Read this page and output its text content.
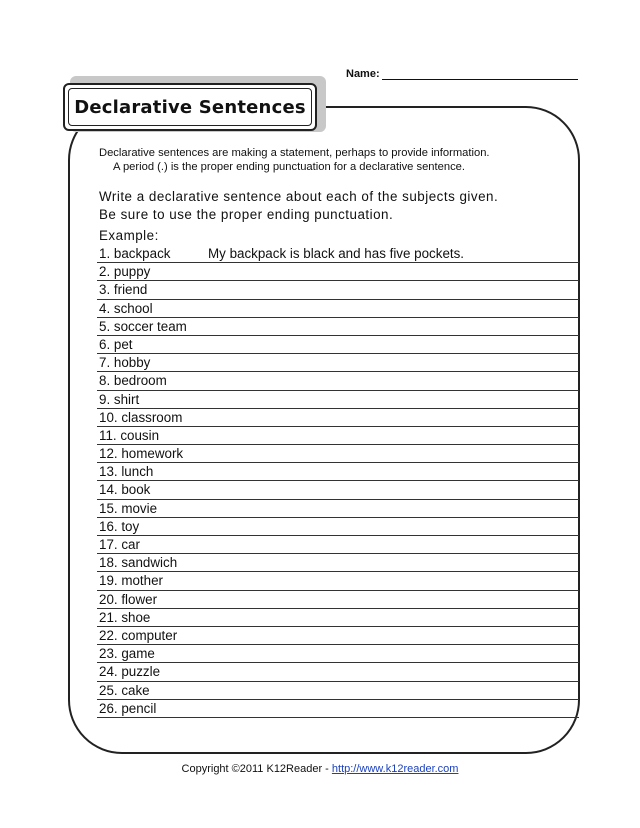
Name:
Declarative Sentences
Declarative sentences are making a statement, perhaps to provide information.
A period (.) is the proper ending punctuation for a declarative sentence.
Write a declarative sentence about each of the subjects given.
Be sure to use the proper ending punctuation.
Example:
1. backpack	My backpack is black and has five pockets.
2. puppy
3. friend
4. school
5. soccer team
6. pet
7. hobby
8. bedroom
9. shirt
10. classroom
11. cousin
12. homework
13. lunch
14. book
15. movie
16. toy
17. car
18. sandwich
19. mother
20. flower
21. shoe
22. computer
23. game
24. puzzle
25. cake
26. pencil
Copyright ©2011 K12Reader - http://www.k12reader.com
